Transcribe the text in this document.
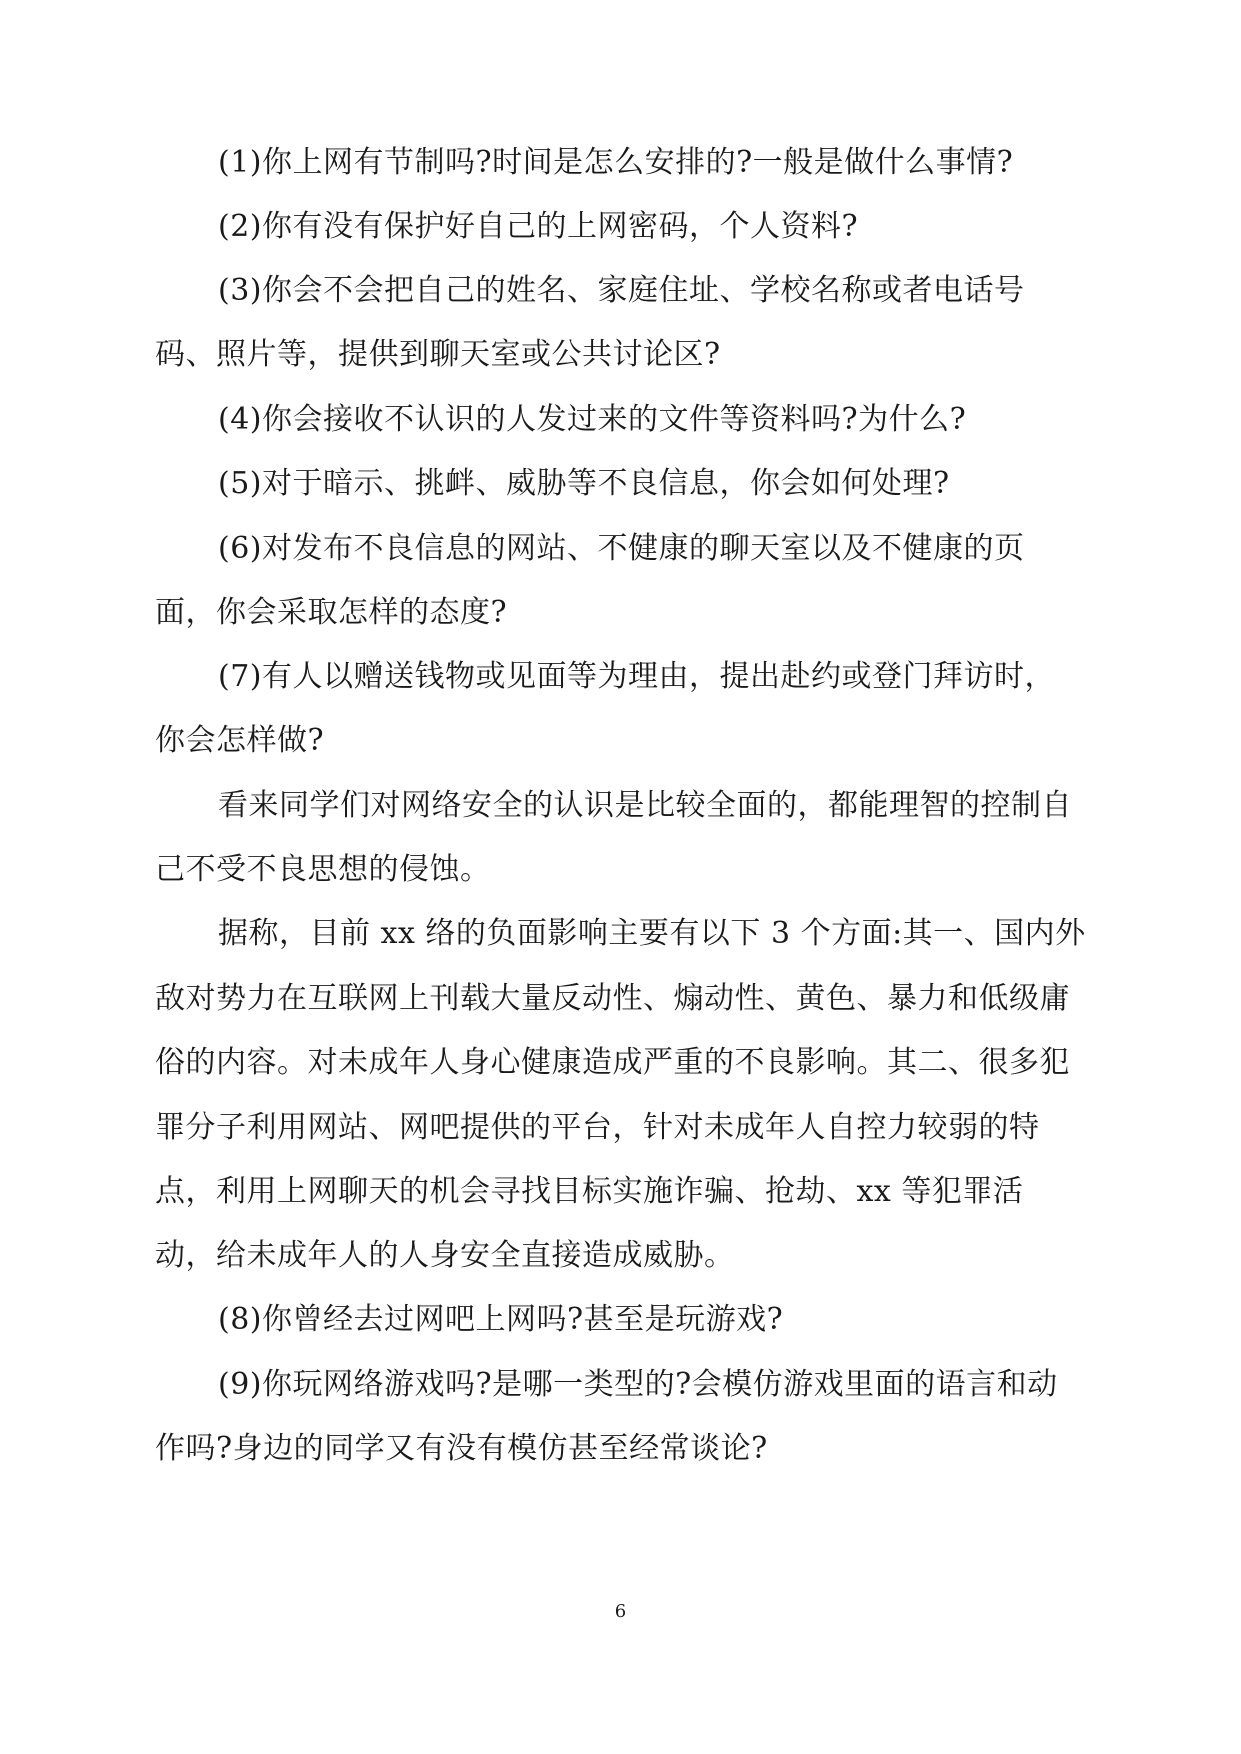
(1)你上网有节制吗?时间是怎么安排的?一般是做什么事情?
(2)你有没有保护好自己的上网密码，个人资料?
(3)你会不会把自己的姓名、家庭住址、学校名称或者电话号
码、照片等，提供到聊天室或公共讨论区?
(4)你会接收不认识的人发过来的文件等资料吗?为什么?
(5)对于暗示、挑衅、威胁等不良信息，你会如何处理?
(6)对发布不良信息的网站、不健康的聊天室以及不健康的页
面，你会采取怎样的态度?
(7)有人以赠送钱物或见面等为理由，提出赴约或登门拜访时，
你会怎样做?
看来同学们对网络安全的认识是比较全面的，都能理智的控制自
己不受不良思想的侵蚀。
据称，目前 xx 络的负面影响主要有以下 3 个方面:其一、国内外
敌对势力在互联网上刊载大量反动性、煽动性、黄色、暴力和低级庸
俗的内容。对未成年人身心健康造成严重的不良影响。其二、很多犯
罪分子利用网站、网吧提供的平台，针对未成年人自控力较弱的特
点，利用上网聊天的机会寻找目标实施诈骗、抢劫、xx 等犯罪活
动，给未成年人的人身安全直接造成威胁。
(8)你曾经去过网吧上网吗?甚至是玩游戏?
(9)你玩网络游戏吗?是哪一类型的?会模仿游戏里面的语言和动
作吗?身边的同学又有没有模仿甚至经常谈论?
6
